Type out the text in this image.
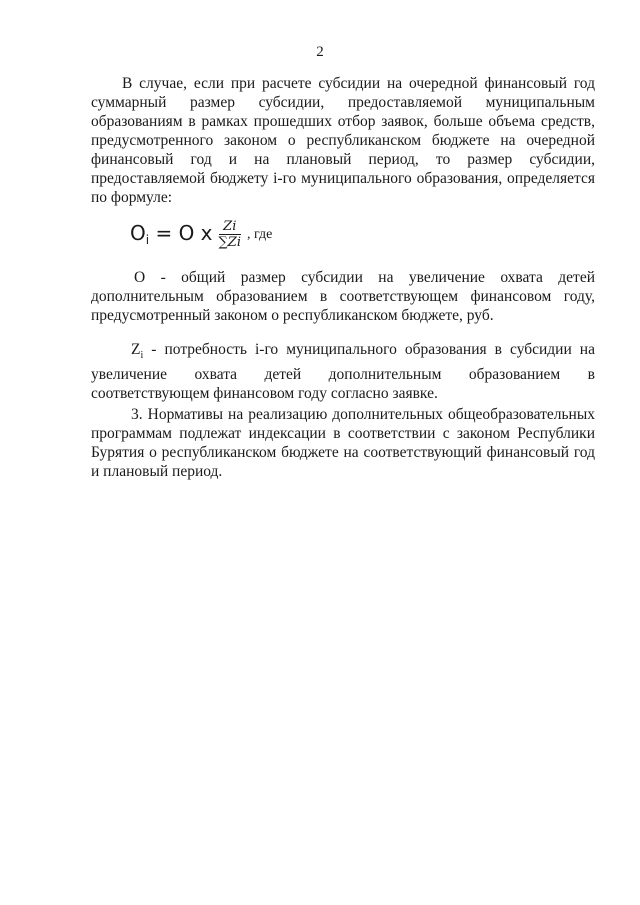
2

В случае, если при расчете субсидии на очередной финансовый год суммарный размер субсидии, предоставляемой муниципальным образованиям в рамках прошедших отбор заявок, больше объема средств, предусмотренного законом о республиканском бюджете на очередной финансовый год и на плановый период, то размер субсидии, предоставляемой бюджету i-го муниципального образования, определяется по формуле:

$O_i = O$ x $\frac{Zi}{\sum Zi}$ , где

О - общий размер субсидии на увеличение охвата детей дополнительным образованием в соответствующем финансовом году, предусмотренный законом о республиканском бюджете, руб.

$Z_i$ - потребность i-го муниципального образования в субсидии на увеличение охвата детей дополнительным образованием в соответствующем финансовом году согласно заявке.

3. Нормативы на реализацию дополнительных общеобразовательных программам подлежат индексации в соответствии с законом Республики Бурятия о республиканском бюджете на соответствующий финансовый год и плановый период.
